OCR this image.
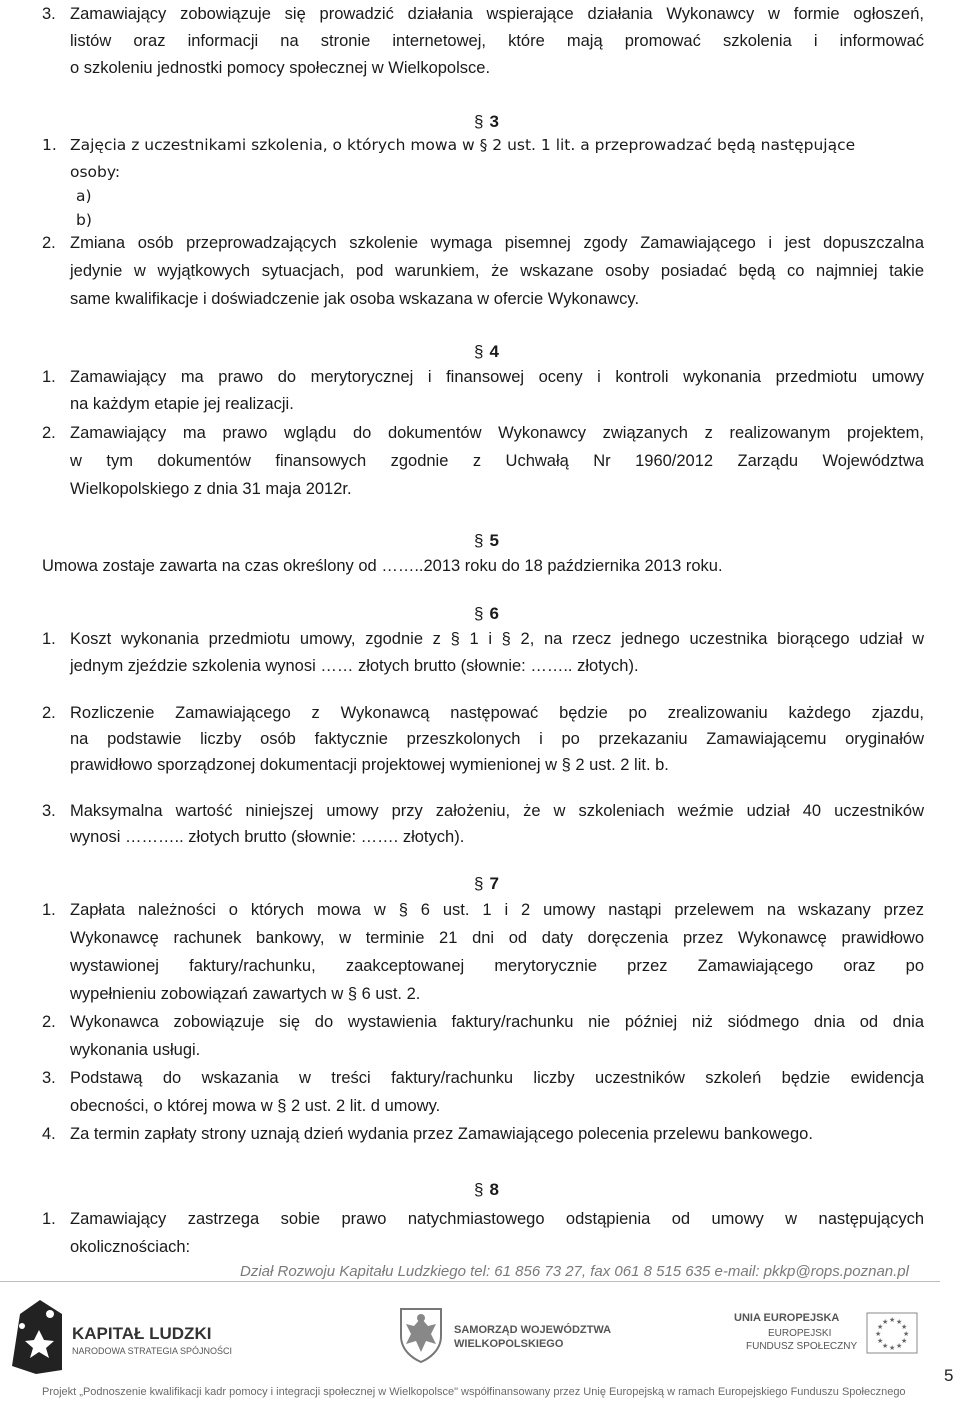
3. Zamawiający zobowiązuje się prowadzić działania wspierające działania Wykonawcy w formie ogłoszeń,
listów oraz informacji na stronie internetowej, które mają promować szkolenia i informować
o szkoleniu jednostki pomocy społecznej w Wielkopolsce.
§ 3
1. Zajęcia z uczestnikami szkolenia, o których mowa w § 2 ust. 1 lit. a przeprowadzać będą następujące
osoby:
a)
b)
2. Zmiana osób przeprowadzających szkolenie wymaga pisemnej zgody Zamawiającego i jest dopuszczalna
jedynie w wyjątkowych sytuacjach, pod warunkiem, że wskazane osoby posiadać będą co najmniej takie
same kwalifikacje i doświadczenie jak osoba wskazana w ofercie Wykonawcy.
§ 4
1. Zamawiający ma prawo do merytorycznej i finansowej oceny i kontroli wykonania przedmiotu umowy
na każdym etapie jej realizacji.
2. Zamawiający ma prawo wglądu do dokumentów Wykonawcy związanych z realizowanym projektem,
w tym dokumentów finansowych zgodnie z Uchwałą Nr 1960/2012 Zarządu Województwa
Wielkopolskiego z dnia 31 maja 2012r.
§ 5
Umowa zostaje zawarta na czas określony od ……..2013 roku do 18 października 2013 roku.
§ 6
1. Koszt wykonania przedmiotu umowy, zgodnie z § 1 i § 2, na rzecz jednego uczestnika biorącego udział w
jednym zjeździe szkolenia wynosi …… złotych brutto (słownie: …….. złotych).
2. Rozliczenie Zamawiającego z Wykonawcą następować będzie po zrealizowaniu każdego zjazdu,
na podstawie liczby osób faktycznie przeszkolonych i po przekazaniu Zamawiającemu oryginałów
prawidłowo sporządzonej dokumentacji projektowej wymienionej w § 2 ust. 2 lit. b.
3. Maksymalna wartość niniejszej umowy przy założeniu, że w szkoleniach weźmie udział 40 uczestników
wynosi ……….. złotych brutto (słownie: ……. złotych).
§ 7
1. Zapłata należności o których mowa w § 6 ust. 1 i 2 umowy nastąpi przelewem na wskazany przez
Wykonawcę rachunek bankowy, w terminie 21 dni od daty doręczenia przez Wykonawcę prawidłowo
wystawionej faktury/rachunku, zaakceptowanej merytorycznie przez Zamawiającego oraz po
wypełnieniu zobowiązań zawartych w § 6 ust. 2.
2. Wykonawca zobowiązuje się do wystawienia faktury/rachunku nie później niż siódmego dnia od dnia
wykonania usługi.
3. Podstawą do wskazania w treści faktury/rachunku liczby uczestników szkoleń będzie ewidencja
obecności, o której mowa w § 2 ust. 2 lit. d umowy.
4. Za termin zapłaty strony uznają dzień wydania przez Zamawiającego polecenia przelewu bankowego.
§ 8
1. Zamawiający zastrzega sobie prawo natychmiastowego odstąpienia od umowy w następujących
okolicznościach:
Dział Rozwoju Kapitału Ludzkiego tel: 61 856 73 27, fax 061 8 515 635 e-mail: pkkp@rops.poznan.pl
KAPITAŁ LUDZKI
NARODOWA STRATEGIA SPÓJNOŚCI
SAMORZĄD WOJEWÓDZTWA
WIELKOPOLSKIEGO
UNIA EUROPEJSKA
EUROPEJSKI
FUNDUSZ SPOŁECZNY
★ ★
★
★
★
★
★
★
★
★
★
★
5
Projekt „Podnoszenie kwalifikacji kadr pomocy i integracji społecznej w Wielkopolsce" współfinansowany przez Unię Europejską w ramach Europejskiego Funduszu Społecznego
